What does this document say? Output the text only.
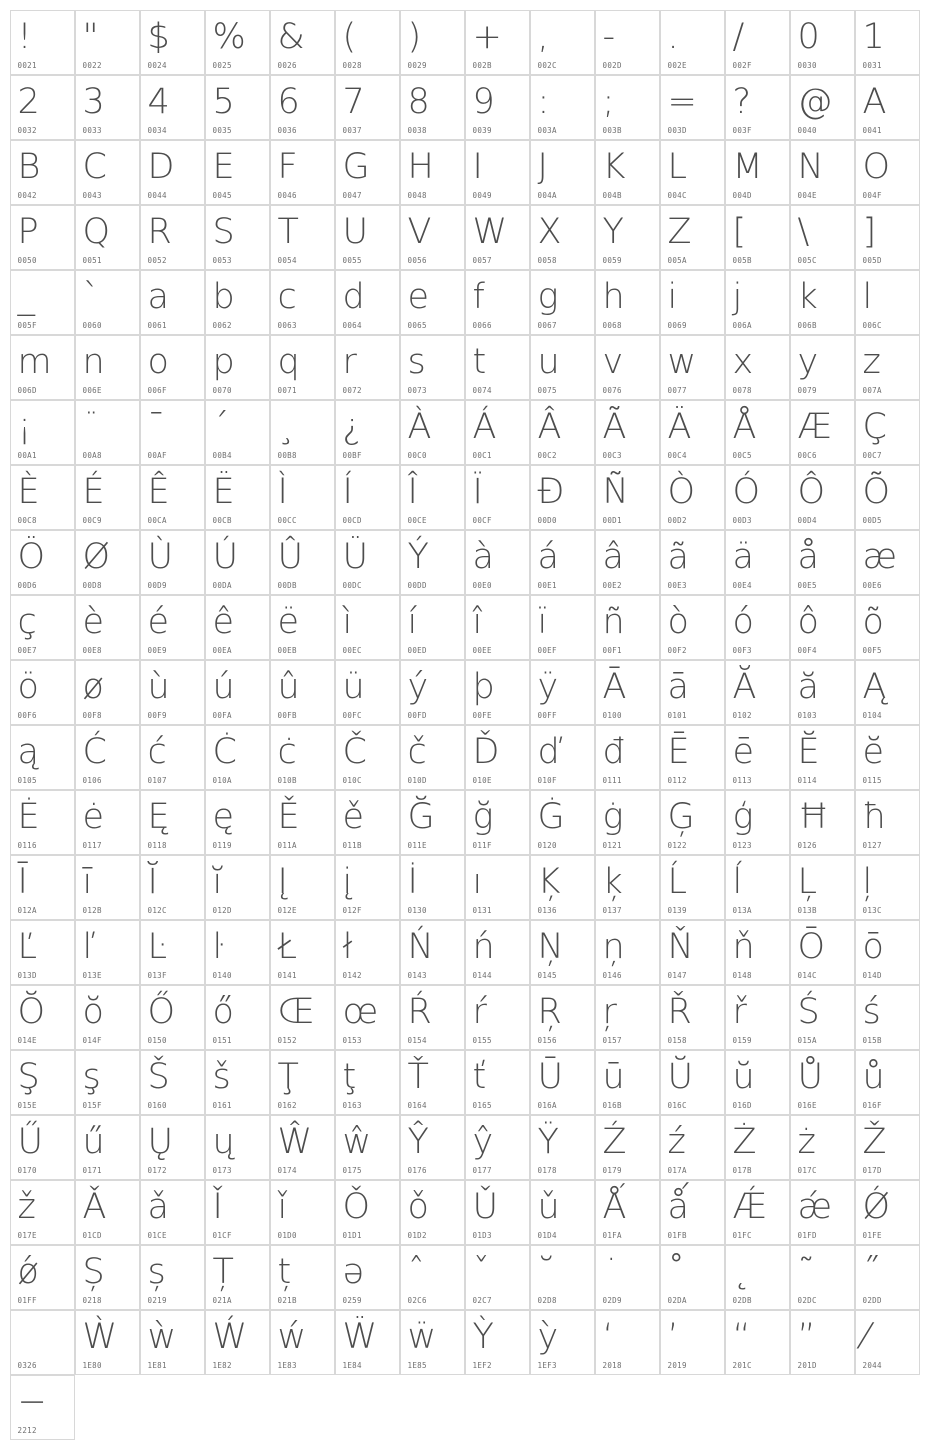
!
0021
"
0022
$
0024
%
0025
&
0026
(
0028
)
0029
+
002B
,
002C
-
002D
.
002E
/
002F
0
0030
1
0031
2
0032
3
0033
4
0034
5
0035
6
0036
7
0037
8
0038
9
0039
:
003A
;
003B
=
003D
?
003F
@
0040
A
0041
B
0042
C
0043
D
0044
E
0045
F
0046
G
0047
H
0048
I
0049
J
004A
K
004B
L
004C
M
004D
N
004E
O
004F
P
0050
Q
0051
R
0052
S
0053
T
0054
U
0055
V
0056
W
0057
X
0058
Y
0059
Z
005A
[
005B
\
005C
]
005D
_
005F
`
0060
a
0061
b
0062
c
0063
d
0064
e
0065
f
0066
g
0067
h
0068
i
0069
j
006A
k
006B
l
006C
m
006D
n
006E
o
006F
p
0070
q
0071
r
0072
s
0073
t
0074
u
0075
v
0076
w
0077
x
0078
y
0079
z
007A
¡
00A1
¨
00A8
¯
00AF
´
00B4
¸
00B8
¿
00BF
À
00C0
Á
00C1
Â
00C2
Ã
00C3
Ä
00C4
Å
00C5
Æ
00C6
Ç
00C7
È
00C8
É
00C9
Ê
00CA
Ë
00CB
Ì
00CC
Í
00CD
Î
00CE
Ï
00CF
Ð
00D0
Ñ
00D1
Ò
00D2
Ó
00D3
Ô
00D4
Õ
00D5
Ö
00D6
Ø
00D8
Ù
00D9
Ú
00DA
Û
00DB
Ü
00DC
Ý
00DD
à
00E0
á
00E1
â
00E2
ã
00E3
ä
00E4
å
00E5
æ
00E6
ç
00E7
è
00E8
é
00E9
ê
00EA
ë
00EB
ì
00EC
í
00ED
î
00EE
ï
00EF
ñ
00F1
ò
00F2
ó
00F3
ô
00F4
õ
00F5
ö
00F6
ø
00F8
ù
00F9
ú
00FA
û
00FB
ü
00FC
ý
00FD
þ
00FE
ÿ
00FF
Ā
0100
ā
0101
Ă
0102
ă
0103
Ą
0104
ą
0105
Ć
0106
ć
0107
Ċ
010A
ċ
010B
Č
010C
č
010D
Ď
010E
ď
010F
đ
0111
Ē
0112
ē
0113
Ĕ
0114
ĕ
0115
Ė
0116
ė
0117
Ę
0118
ę
0119
Ě
011A
ě
011B
Ğ
011E
ğ
011F
Ġ
0120
ġ
0121
Ģ
0122
ģ
0123
Ħ
0126
ħ
0127
Ī
012A
ī
012B
Ĭ
012C
ĭ
012D
Į
012E
į
012F
İ
0130
ı
0131
Ķ
0136
ķ
0137
Ĺ
0139
ĺ
013A
Ļ
013B
ļ
013C
Ľ
013D
ľ
013E
Ŀ
013F
ŀ
0140
Ł
0141
ł
0142
Ń
0143
ń
0144
Ņ
0145
ņ
0146
Ň
0147
ň
0148
Ō
014C
ō
014D
Ŏ
014E
ŏ
014F
Ő
0150
ő
0151
Œ
0152
œ
0153
Ŕ
0154
ŕ
0155
Ŗ
0156
ŗ
0157
Ř
0158
ř
0159
Ś
015A
ś
015B
Ş
015E
ş
015F
Š
0160
š
0161
Ţ
0162
ţ
0163
Ť
0164
ť
0165
Ū
016A
ū
016B
Ŭ
016C
ŭ
016D
Ů
016E
ů
016F
Ű
0170
ű
0171
Ų
0172
ų
0173
Ŵ
0174
ŵ
0175
Ŷ
0176
ŷ
0177
Ÿ
0178
Ź
0179
ź
017A
Ż
017B
ż
017C
Ž
017D
ž
017E
Ǎ
01CD
ǎ
01CE
Ǐ
01CF
ǐ
01D0
Ǒ
01D1
ǒ
01D2
Ǔ
01D3
ǔ
01D4
Ǻ
01FA
ǻ
01FB
Ǽ
01FC
ǽ
01FD
Ǿ
01FE
ǿ
01FF
Ș
0218
ș
0219
Ț
021A
ț
021B
ə
0259
ˆ
02C6
ˇ
02C7
˘
02D8
˙
02D9
˚
02DA
˛
02DB
˜
02DC
˝
02DD
0326
Ẁ
1E80
ẁ
1E81
Ẃ
1E82
ẃ
1E83
Ẅ
1E84
ẅ
1E85
Ỳ
1EF2
ỳ
1EF3
‘
2018
’
2019
“
201C
”
201D
⁄
2044
−
2212
